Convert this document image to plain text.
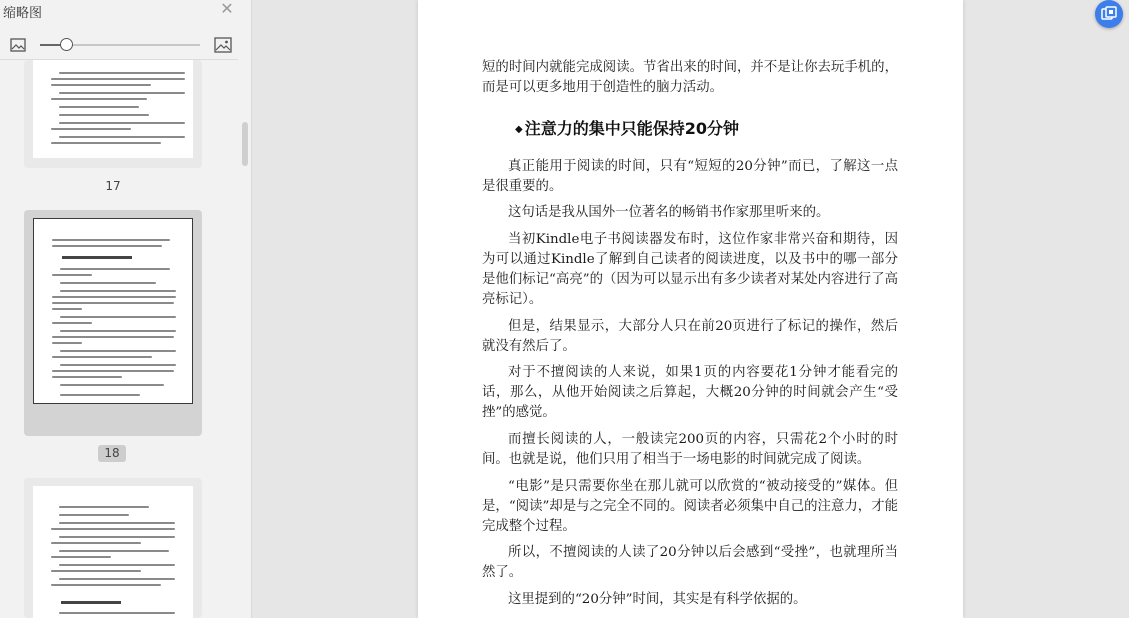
缩略图	✕
17
18
短的时间内就能完成阅读。节省出来的时间，并不是让你去玩手机的，而是可以更多地用于创造性的脑力活动。
◆ 注意力的集中只能保持20分钟
真正能用于阅读的时间，只有“短短的20分钟”而已，了解这一点是很重要的。
这句话是我从国外一位著名的畅销书作家那里听来的。
当初Kindle电子书阅读器发布时，这位作家非常兴奋和期待，因为可以通过Kindle了解到自己读者的阅读进度，以及书中的哪一部分是他们标记“高亮”的（因为可以显示出有多少读者对某处内容进行了高亮标记）。
但是，结果显示，大部分人只在前20页进行了标记的操作，然后就没有然后了。
对于不擅阅读的人来说，如果1页的内容要花1分钟才能看完的话，那么，从他开始阅读之后算起，大概20分钟的时间就会产生“受挫”的感觉。
而擅长阅读的人，一般读完200页的内容，只需花2个小时的时间。也就是说，他们只用了相当于一场电影的时间就完成了阅读。
“电影”是只需要你坐在那儿就可以欣赏的“被动接受的”媒体。但是，“阅读”却是与之完全不同的。阅读者必须集中自己的注意力，才能完成整个过程。
所以，不擅阅读的人读了20分钟以后会感到“受挫”，也就理所当然了。
这里提到的“20分钟”时间，其实是有科学依据的。
